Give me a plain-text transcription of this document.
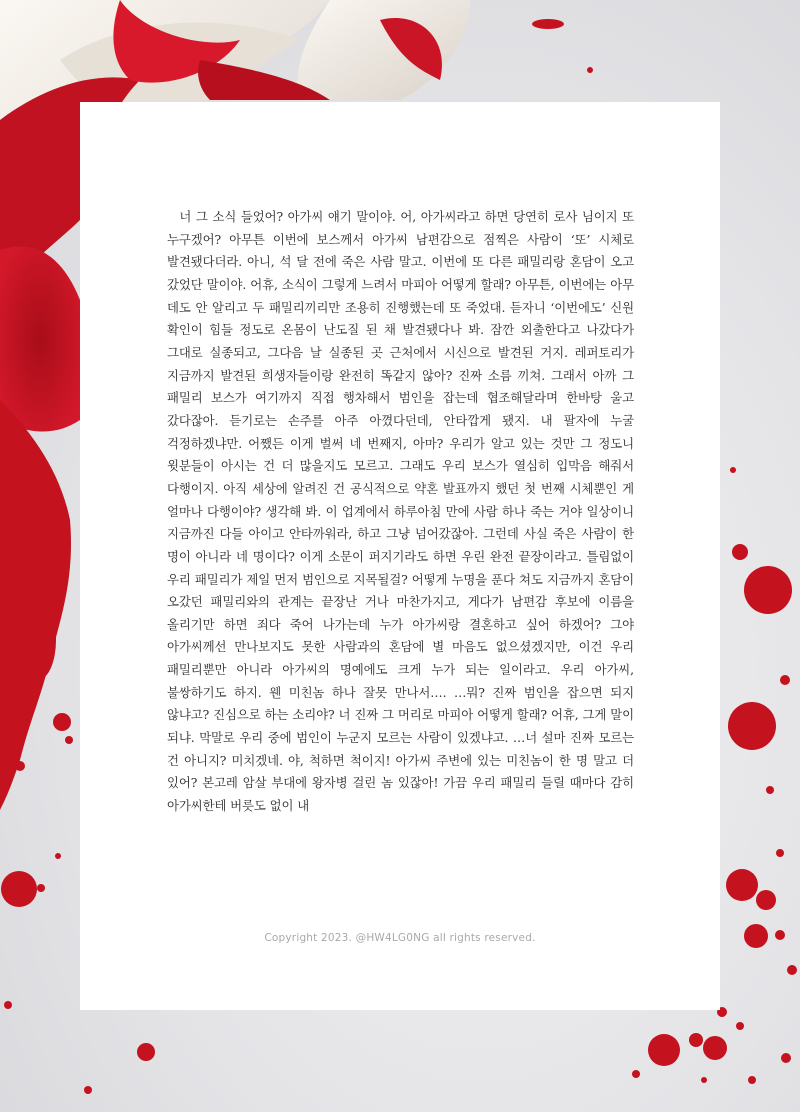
너 그 소식 들었어? 아가씨 얘기 말이야. 어, 아가씨라고 하면 당연히 로사 님이지 또 누구겠어? 아무튼 이번에 보스께서 아가씨 남편감으로 점찍은 사람이 ‘또’ 시체로 발견됐다더라. 아니, 석 달 전에 죽은 사람 말고. 이번에 또 다른 패밀리랑 혼담이 오고 갔었단 말이야. 어휴, 소식이 그렇게 느려서 마피아 어떻게 할래? 아무튼, 이번에는 아무 데도 안 알리고 두 패밀리끼리만 조용히 진행했는데 또 죽었대. 듣자니 ‘이번에도’ 신원 확인이 힘들 정도로 온몸이 난도질 된 채 발견됐다나 봐. 잠깐 외출한다고 나갔다가 그대로 실종되고, 그다음 날 실종된 곳 근처에서 시신으로 발견된 거지. 레퍼토리가 지금까지 발견된 희생자들이랑 완전히 똑같지 않아? 진짜 소름 끼쳐. 그래서 아까 그 패밀리 보스가 여기까지 직접 행차해서 범인을 잡는데 협조해달라며 한바탕 울고 갔다잖아. 듣기로는 손주를 아주 아꼈다던데, 안타깝게 됐지. 내 팔자에 누굴 걱정하겠냐만. 어쨌든 이게 벌써 네 번째지, 아마? 우리가 알고 있는 것만 그 정도니 윗분들이 아시는 건 더 많을지도 모르고. 그래도 우리 보스가 열심히 입막음 해줘서 다행이지. 아직 세상에 알려진 건 공식적으로 약혼 발표까지 했던 첫 번째 시체뿐인 게 얼마나 다행이야? 생각해 봐. 이 업계에서 하루아침 만에 사람 하나 죽는 거야 일상이니 지금까진 다들 아이고 안타까워라, 하고 그냥 넘어갔잖아. 그런데 사실 죽은 사람이 한 명이 아니라 네 명이다? 이게 소문이 퍼지기라도 하면 우린 완전 끝장이라고. 틀림없이 우리 패밀리가 제일 먼저 범인으로 지목될걸? 어떻게 누명을 푼다 쳐도 지금까지 혼담이 오갔던 패밀리와의 관계는 끝장난 거나 마찬가지고, 게다가 남편감 후보에 이름을 올리기만 하면 죄다 죽어 나가는데 누가 아가씨랑 결혼하고 싶어 하겠어? 그야 아가씨께선 만나보지도 못한 사람과의 혼담에 별 마음도 없으셨겠지만, 이건 우리 패밀리뿐만 아니라 아가씨의 명예에도 크게 누가 되는 일이라고. 우리 아가씨, 불쌍하기도 하지. 웬 미친놈 하나 잘못 만나서…. …뭐? 진짜 범인을 잡으면 되지 않냐고? 진심으로 하는 소리야? 너 진짜 그 머리로 마피아 어떻게 할래? 어휴, 그게 말이 되냐. 막말로 우리 중에 범인이 누군지 모르는 사람이 있겠냐고. …너 설마 진짜 모르는 건 아니지? 미치겠네. 야, 척하면 척이지! 아가씨 주변에 있는 미친놈이 한 명 말고 더 있어? 본고레 암살 부대에 왕자병 걸린 놈 있잖아! 가끔 우리 패밀리 들릴 때마다 감히 아가씨한테 버릇도 없이 내

Copyright 2023. @HW4LG0NG all rights reserved.
